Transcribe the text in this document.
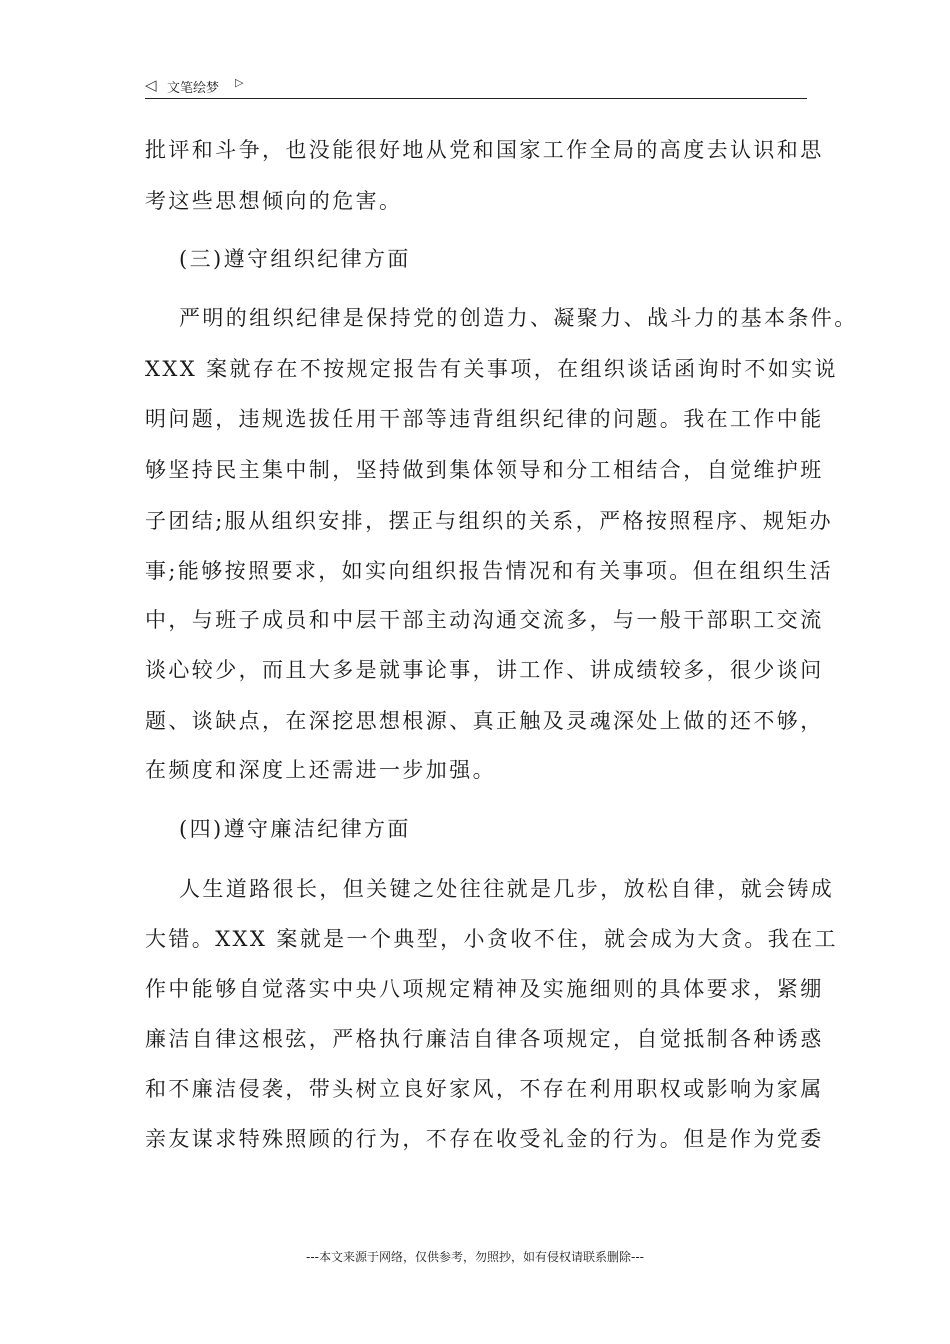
◁ 文笔绘梦 ▷
批评和斗争，也没能很好地从党和国家工作全局的高度去认识和思
考这些思想倾向的危害。
(三)遵守组织纪律方面
严明的组织纪律是保持党的创造力、凝聚力、战斗力的基本条件。
XXX 案就存在不按规定报告有关事项，在组织谈话函询时不如实说
明问题，违规选拔任用干部等违背组织纪律的问题。我在工作中能
够坚持民主集中制，坚持做到集体领导和分工相结合，自觉维护班
子团结;服从组织安排，摆正与组织的关系，严格按照程序、规矩办
事;能够按照要求，如实向组织报告情况和有关事项。但在组织生活
中，与班子成员和中层干部主动沟通交流多，与一般干部职工交流
谈心较少，而且大多是就事论事，讲工作、讲成绩较多，很少谈问
题、谈缺点，在深挖思想根源、真正触及灵魂深处上做的还不够，
在频度和深度上还需进一步加强。
(四)遵守廉洁纪律方面
人生道路很长，但关键之处往往就是几步，放松自律，就会铸成
大错。XXX 案就是一个典型，小贪收不住，就会成为大贪。我在工
作中能够自觉落实中央八项规定精神及实施细则的具体要求，紧绷
廉洁自律这根弦，严格执行廉洁自律各项规定，自觉抵制各种诱惑
和不廉洁侵袭，带头树立良好家风，不存在利用职权或影响为家属
亲友谋求特殊照顾的行为，不存在收受礼金的行为。但是作为党委
---本文来源于网络，仅供参考，勿照抄，如有侵权请联系删除---
